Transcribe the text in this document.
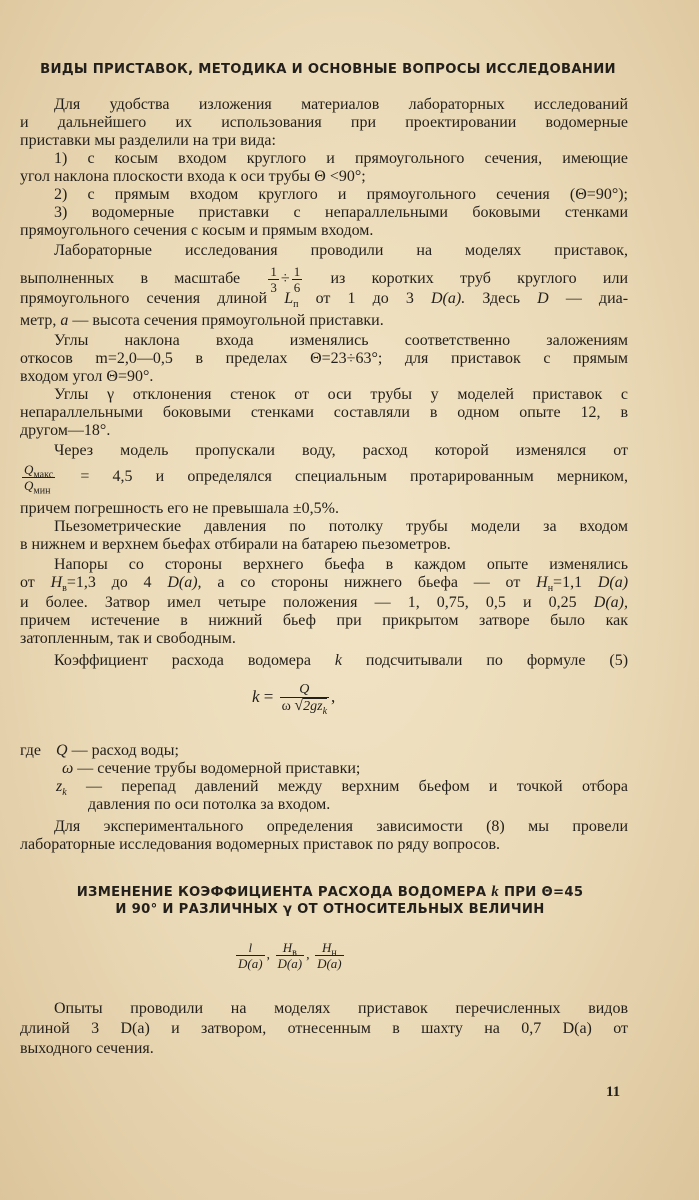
ВИДЫ ПРИСТАВОК, МЕТОДИКА И ОСНОВНЫЕ ВОПРОСЫ ИССЛЕДОВАНИИ
Для удобства изложения материалов лабораторных исследований
и дальнейшего их использования при проектировании водомерные
приставки мы разделили на три вида:
1) с косым входом круглого и прямоугольного сечения, имеющие
угол наклона плоскости входа к оси трубы Θ <90°;
2) с прямым входом круглого и прямоугольного сечения (Θ=90°);
3) водомерные приставки с непараллельными боковыми стенками
прямоугольного сечения с косым и прямым входом.
Лабораторные исследования проводили на моделях приставок,
выполненных в масштабе $\frac{1}{3} \div \frac{1}{6}$ из коротких труб круглого или
прямоугольного сечения длиной $L_п$ от 1 до 3 D(a). Здесь D — диа-
метр, a — высота сечения прямоугольной приставки.
Углы наклона входа изменялись соответственно заложениям
откосов m=2,0—0,5 в пределах Θ=23÷63°; для приставок с прямым
входом угол Θ=90°.
Углы γ отклонения стенок от оси трубы у моделей приставок с
непараллельными боковыми стенками составляли в одном опыте 12, в
другом—18°.
Через модель пропускали воду, расход которой изменялся от
$\frac{Q_{макс}}{Q_{мин}} = 4,5$ и определялся специальным протарированным мерником,
причем погрешность его не превышала ±0,5%.
Пьезометрические давления по потолку трубы модели за входом
в нижнем и верхнем бьефах отбирали на батарею пьезометров.
Напоры со стороны верхнего бьефа в каждом опыте изменялись
от $H_в=1,3$ до 4 D(a), а со стороны нижнего бьефа — от $H_н=1,1$ D(a)
и более. Затвор имел четыре положения — 1, 0,75, 0,5 и 0,25 D(a),
причем истечение в нижний бьеф при прикрытом затворе было как
затопленным, так и свободным.
Коэффициент расхода водомера k подсчитывали по формуле (5)
$k = \frac{Q}{\omega √2gz_k}$ ,
где Q — расход воды;
ω — сечение трубы водомерной приставки;
$z_k$ — перепад давлений между верхним бьефом и точкой отбора
давления по оси потолка за входом.
Для экспериментального определения зависимости (8) мы провели
лабораторные исследования водомерных приставок по ряду вопросов.
ИЗМЕНЕНИЕ КОЭФФИЦИЕНТА РАСХОДА ВОДОМЕРА k ПРИ Θ=45
И 90° И РАЗЛИЧНЫХ γ ОТ ОТНОСИТЕЛЬНЫХ ВЕЛИЧИН
$\frac{l}{D(a)}$ , $\frac{H_в}{D(a)}$ , $\frac{H_н}{D(a)}$
Опыты проводили на моделях приставок перечисленных видов
длиной 3 D(a) и затвором, отнесенным в шахту на 0,7 D(a) от
выходного сечения.
11
